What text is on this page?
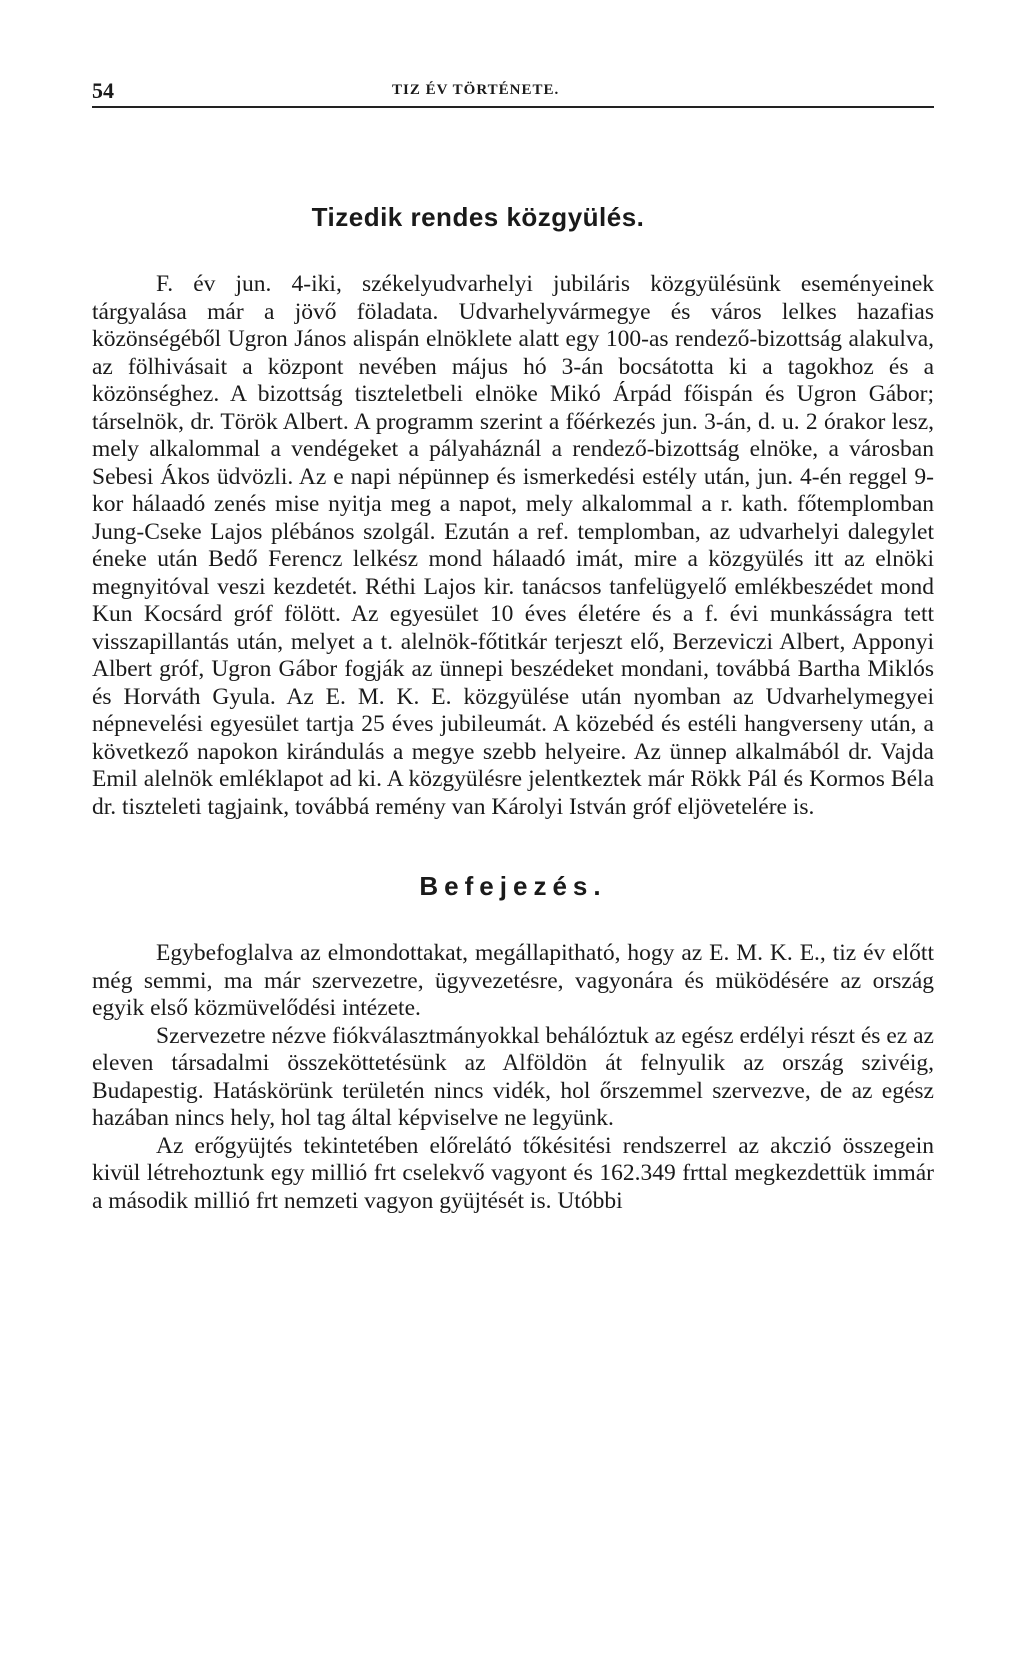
54	TIZ ÉV TÖRTÉNETE.
Tizedik rendes közgyülés.

F. év jun. 4-iki, székelyudvarhelyi jubiláris közgyülésünk eseményeinek tárgyalása már a jövő föladata. Udvarhelyvármegye és város lelkes hazafias közönségéből Ugron János alispán elnöklete alatt egy 100-as rendező-bizottság alakulva, az fölhivásait a központ nevében május hó 3-án bocsátotta ki a tagokhoz és a közönséghez. A bizottság tiszteletbeli elnöke Mikó Árpád főispán és Ugron Gábor; társelnök, dr. Török Albert. A programm szerint a főérkezés jun. 3-án, d. u. 2 órakor lesz, mely alkalommal a vendégeket a pályaháznál a rendező-bizottság elnöke, a városban Sebesi Ákos üdvözli. Az e napi népünnep és ismerkedési estély után, jun. 4-én reggel 9-kor hálaadó zenés mise nyitja meg a napot, mely alkalommal a r. kath. főtemplomban Jung-Cseke Lajos plébános szolgál. Ezután a ref. templomban, az udvarhelyi dalegylet éneke után Bedő Ferencz lelkész mond hálaadó imát, mire a közgyülés itt az elnöki megnyitóval veszi kezdetét. Réthi Lajos kir. tanácsos tanfelügyelő emlékbeszédet mond Kun Kocsárd gróf fölött. Az egyesület 10 éves életére és a f. évi munkásságra tett visszapillantás után, melyet a t. alelnök-főtitkár terjeszt elő, Berzeviczi Albert, Apponyi Albert gróf, Ugron Gábor fogják az ünnepi beszédeket mondani, továbbá Bartha Miklós és Horváth Gyula. Az E. M. K. E. közgyülése után nyomban az Udvarhelymegyei népnevelési egyesület tartja 25 éves jubileumát. A közebéd és estéli hangverseny után, a következő napokon kirándulás a megye szebb helyeire. Az ünnep alkalmából dr. Vajda Emil alelnök emléklapot ad ki. A közgyülésre jelentkeztek már Rökk Pál és Kormos Béla dr. tiszteleti tagjaink, továbbá remény van Károlyi István gróf eljövetelére is.

Befejezés.

Egybefoglalva az elmondottakat, megállapitható, hogy az E. M. K. E., tiz év előtt még semmi, ma már szervezetre, ügyvezetésre, vagyonára és müködésére az ország egyik első közmüvelődési intézete.

Szervezetre nézve fiókválasztmányokkal behálóztuk az egész erdélyi részt és ez az eleven társadalmi összeköttetésünk az Alföldön át felnyulik az ország szivéig, Budapestig. Hatáskörünk területén nincs vidék, hol őrszemmel szervezve, de az egész hazában nincs hely, hol tag által képviselve ne legyünk.

Az erőgyüjtés tekintetében előrelátó tőkésitési rendszerrel az akczió összegein kivül létrehoztunk egy millió frt cselekvő vagyont és 162.349 frttal megkezdettük immár a második millió frt nemzeti vagyon gyüjtését is. Utóbbi
